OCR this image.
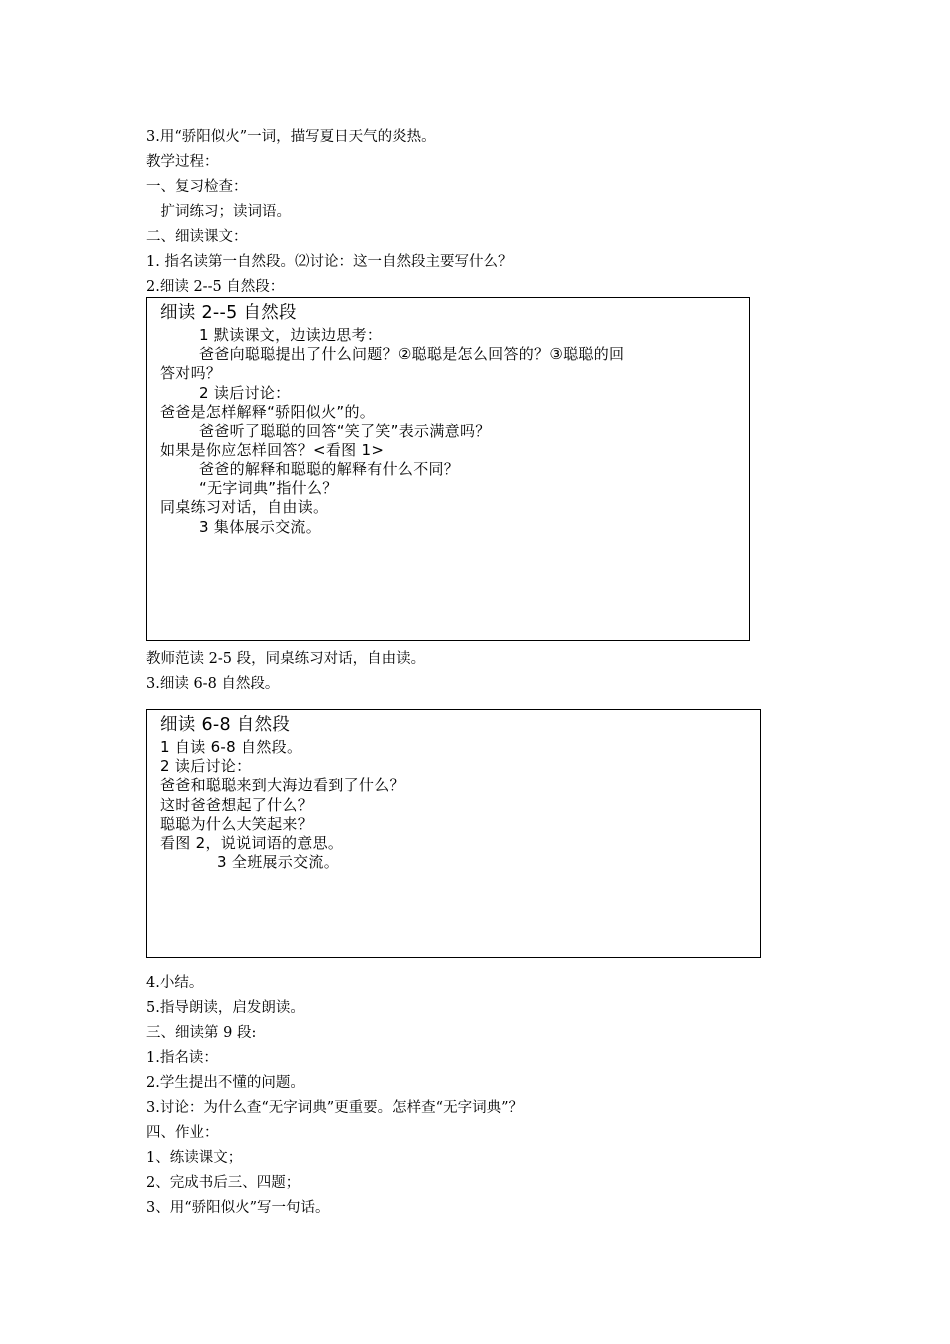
3.用“骄阳似火”一词，描写夏日天气的炎热。
教学过程：
一、复习检查：
　扩词练习；读词语。
二、细读课文：
1. 指名读第一自然段。⑵讨论：这一自然段主要写什么？
2.细读 2--5 自然段：
细读 2--5 自然段
1 默读课文，边读边思考：
爸爸向聪聪提出了什么问题？②聪聪是怎么回答的？③聪聪的回
答对吗？
2 读后讨论：
爸爸是怎样解释“骄阳似火”的。
爸爸听了聪聪的回答“笑了笑”表示满意吗？
如果是你应怎样回答？<看图 1>
爸爸的解释和聪聪的解释有什么不同？
“无字词典”指什么？
同桌练习对话，自由读。
3 集体展示交流。
教师范读 2-5 段，同桌练习对话，自由读。
3.细读 6-8 自然段。
细读 6-8 自然段
1 自读 6-8 自然段。
2 读后讨论：
爸爸和聪聪来到大海边看到了什么？
这时爸爸想起了什么？
聪聪为什么大笑起来？
看图 2，说说词语的意思。
3 全班展示交流。
4.小结。
5.指导朗读，启发朗读。
三、细读第 9 段:
1.指名读：
2.学生提出不懂的问题。
3.讨论：为什么查“无字词典”更重要。怎样查“无字词典”？
四、作业：
1、练读课文；
2、完成书后三、四题；
3、用“骄阳似火”写一句话。
